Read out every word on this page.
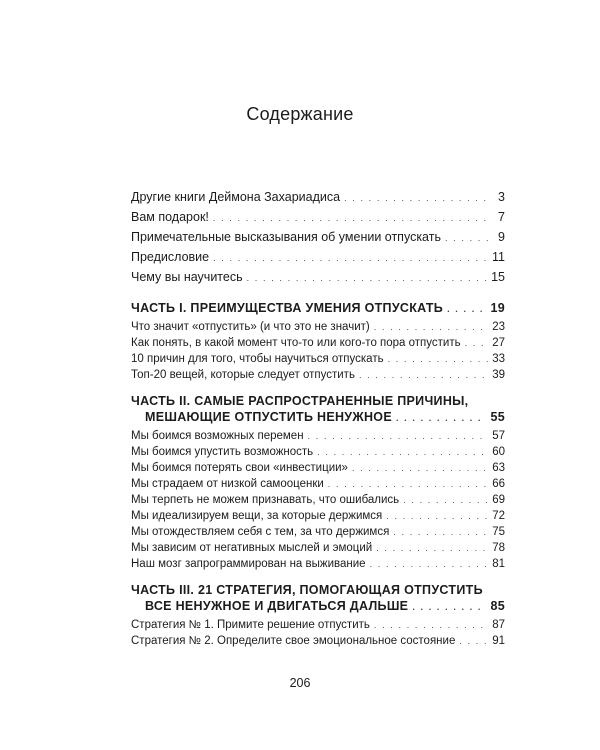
Содержание
Другие книги Деймона Захариадиса . . .	3
Вам подарок! . . .	7
Примечательные высказывания об умении отпускать . . .	9
Предисловие . . .	11
Чему вы научитесь . . .	15
ЧАСТЬ I. ПРЕИМУЩЕСТВА УМЕНИЯ ОТПУСКАТЬ . . .	19
Что значит «отпустить» (и что это не значит) . . .	23
Как понять, в какой момент что-то или кого-то пора отпустить . . .	27
10 причин для того, чтобы научиться отпускать . . .	33
Топ-20 вещей, которые следует отпустить . . .	39
ЧАСТЬ II. САМЫЕ РАСПРОСТРАНЕННЫЕ ПРИЧИНЫ,
МЕШАЮЩИЕ ОТПУСТИТЬ НЕНУЖНОЕ . . .	55
Мы боимся возможных перемен . . .	57
Мы боимся упустить возможность . . .	60
Мы боимся потерять свои «инвестиции» . . .	63
Мы страдаем от низкой самооценки . . .	66
Мы терпеть не можем признавать, что ошибались . . .	69
Мы идеализируем вещи, за которые держимся . . .	72
Мы отождествляем себя с тем, за что держимся . . .	75
Мы зависим от негативных мыслей и эмоций . . .	78
Наш мозг запрограммирован на выживание . . .	81
ЧАСТЬ III. 21 СТРАТЕГИЯ, ПОМОГАЮЩАЯ ОТПУСТИТЬ
ВСЕ НЕНУЖНОЕ И ДВИГАТЬСЯ ДАЛЬШЕ . . .	85
Стратегия № 1. Примите решение отпустить . . .	87
Стратегия № 2. Определите свое эмоциональное состояние . . .	91
206
